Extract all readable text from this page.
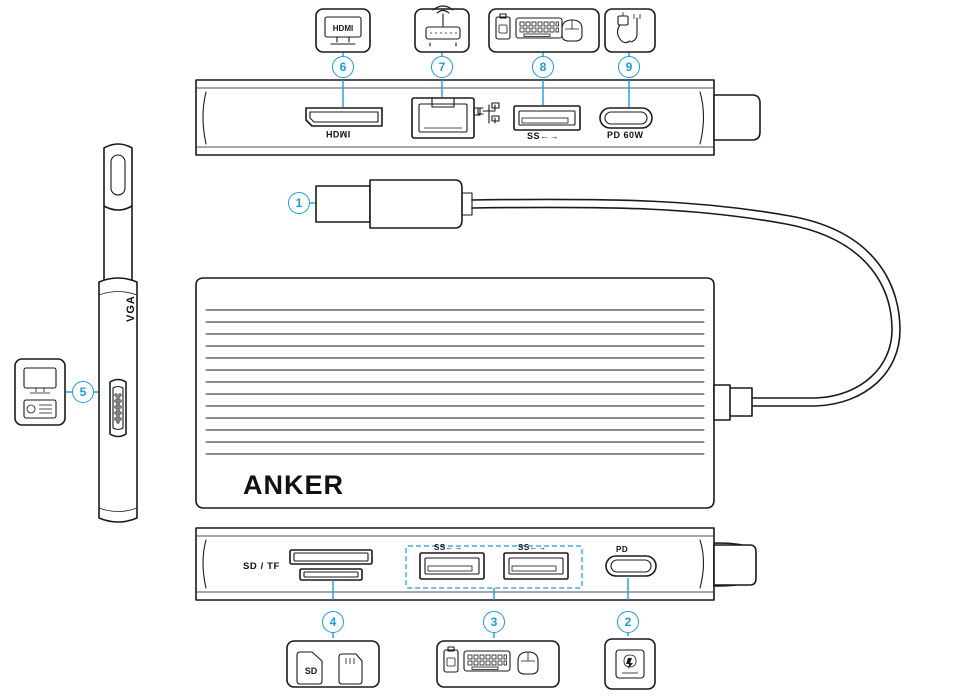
HDMI
SD
ANKER
HDMI	SS←→	PD 60W
SD / TF
SS←→	SS←→	PD
VGA
1
2
3
4
5
6	7	8	9
